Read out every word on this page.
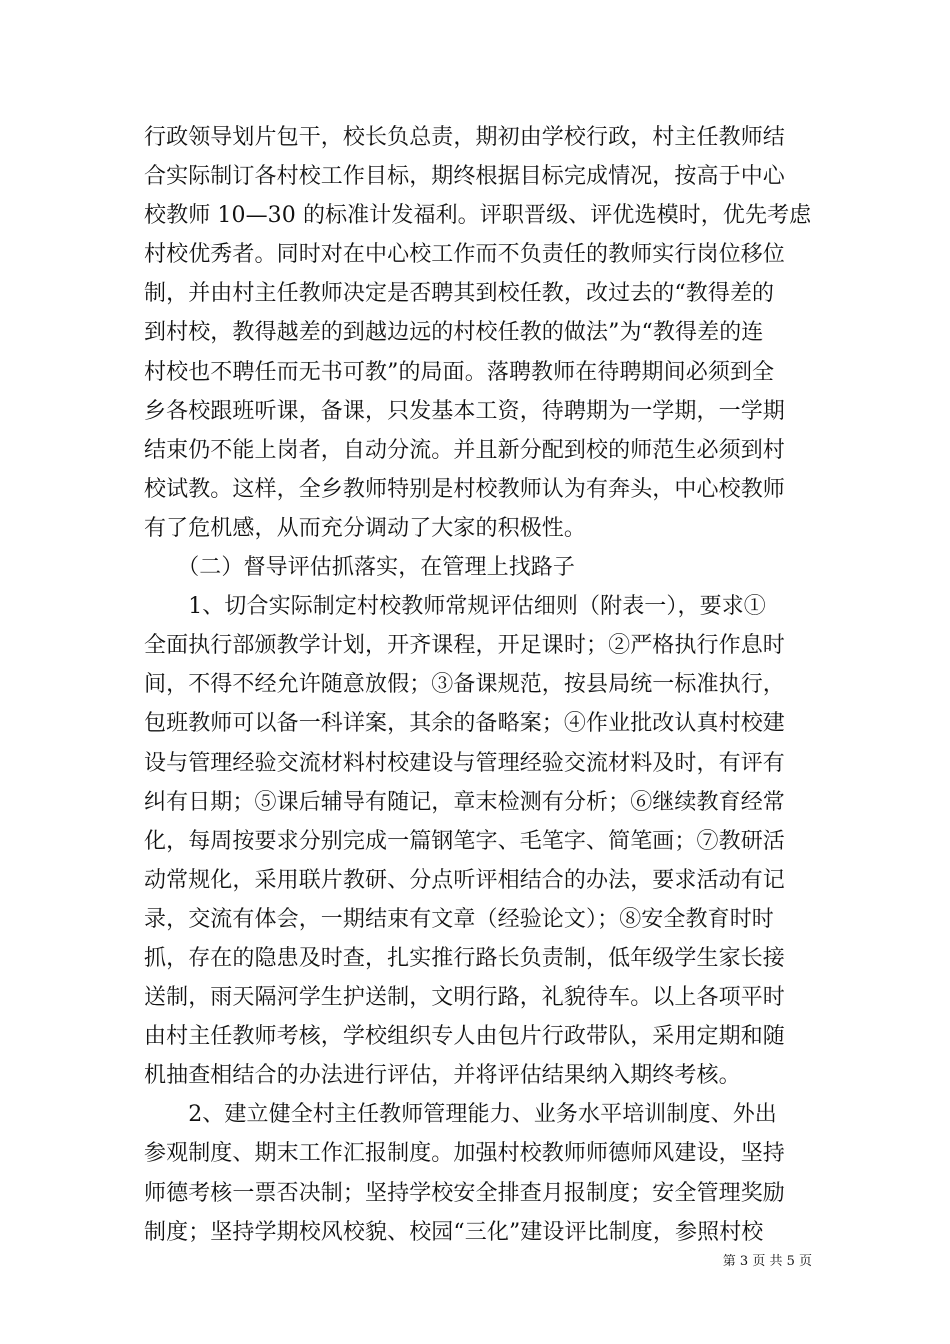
行政领导划片包干，校长负总责，期初由学校行政，村主任教师结
合实际制订各村校工作目标，期终根据目标完成情况，按高于中心
校教师 10—30 的标准计发福利。评职晋级、评优选模时，优先考虑
村校优秀者。同时对在中心校工作而不负责任的教师实行岗位移位
制，并由村主任教师决定是否聘其到校任教，改过去的“教得差的
到村校，教得越差的到越边远的村校任教的做法”为“教得差的连
村校也不聘任而无书可教”的局面。落聘教师在待聘期间必须到全
乡各校跟班听课，备课，只发基本工资，待聘期为一学期，一学期
结束仍不能上岗者，自动分流。并且新分配到校的师范生必须到村
校试教。这样，全乡教师特别是村校教师认为有奔头，中心校教师
有了危机感，从而充分调动了大家的积极性。
　　（二）督导评估抓落实，在管理上找路子
　　1、切合实际制定村校教师常规评估细则（附表一），要求①
全面执行部颁教学计划，开齐课程，开足课时；②严格执行作息时
间，不得不经允许随意放假；③备课规范，按县局统一标准执行，
包班教师可以备一科详案，其余的备略案；④作业批改认真村校建
设与管理经验交流材料村校建设与管理经验交流材料及时，有评有
纠有日期；⑤课后辅导有随记，章末检测有分析；⑥继续教育经常
化，每周按要求分别完成一篇钢笔字、毛笔字、简笔画；⑦教研活
动常规化，采用联片教研、分点听评相结合的办法，要求活动有记
录，交流有体会，一期结束有文章（经验论文）；⑧安全教育时时
抓，存在的隐患及时查，扎实推行路长负责制，低年级学生家长接
送制，雨天隔河学生护送制，文明行路，礼貌待车。以上各项平时
由村主任教师考核，学校组织专人由包片行政带队，采用定期和随
机抽查相结合的办法进行评估，并将评估结果纳入期终考核。
　　2、建立健全村主任教师管理能力、业务水平培训制度、外出
参观制度、期末工作汇报制度。加强村校教师师德师风建设，坚持
师德考核一票否决制；坚持学校安全排查月报制度；安全管理奖励
制度；坚持学期校风校貌、校园“三化”建设评比制度，参照村校
第 3 页 共 5 页
